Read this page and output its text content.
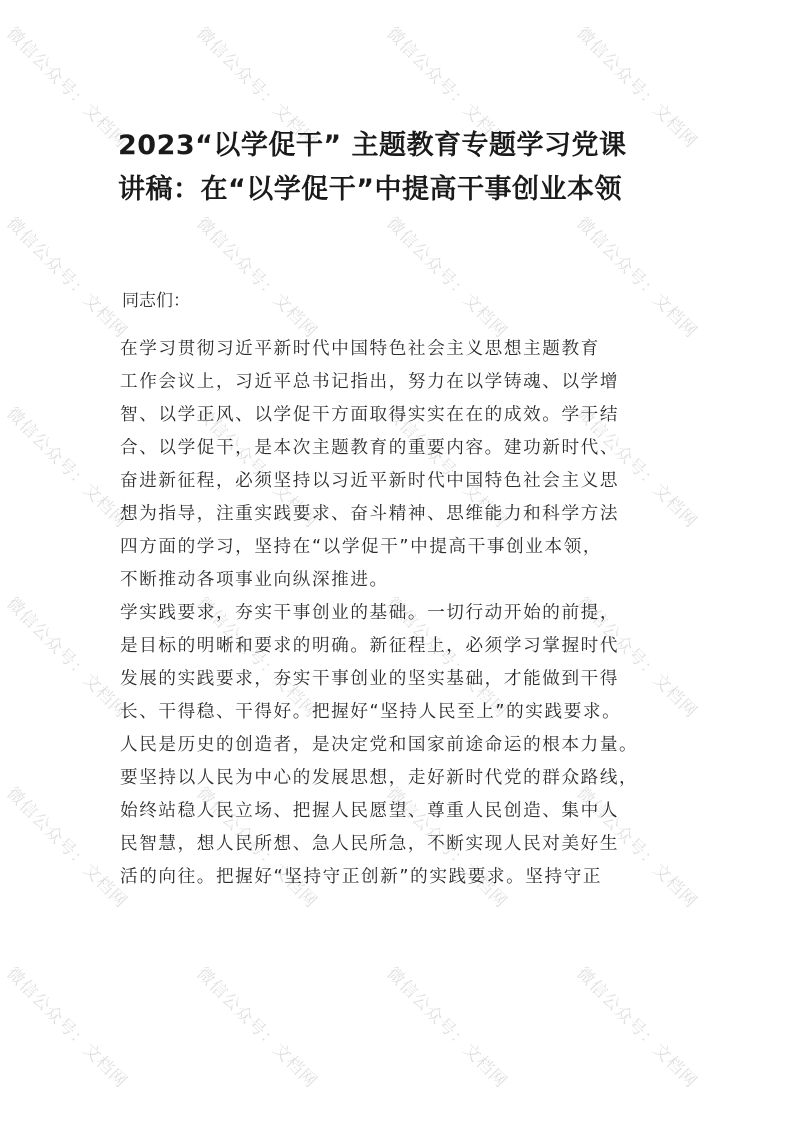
2023“以学促干” 主题教育专题学习党课
讲稿：在“以学促干”中提高干事创业本领
同志们：
在学习贯彻习近平新时代中国特色社会主义思想主题教育
工作会议上，习近平总书记指出，努力在以学铸魂、以学增
智、以学正风、以学促干方面取得实实在在的成效。学干结
合、以学促干，是本次主题教育的重要内容。建功新时代、
奋进新征程，必须坚持以习近平新时代中国特色社会主义思
想为指导，注重实践要求、奋斗精神、思维能力和科学方法
四方面的学习，坚持在“以学促干”中提高干事创业本领，
不断推动各项事业向纵深推进。
学实践要求，夯实干事创业的基础。一切行动开始的前提，
是目标的明晰和要求的明确。新征程上，必须学习掌握时代
发展的实践要求，夯实干事创业的坚实基础，才能做到干得
长、干得稳、干得好。把握好“坚持人民至上”的实践要求。
人民是历史的创造者，是决定党和国家前途命运的根本力量。
要坚持以人民为中心的发展思想，走好新时代党的群众路线，
始终站稳人民立场、把握人民愿望、尊重人民创造、集中人
民智慧，想人民所想、急人民所急，不断实现人民对美好生
活的向往。把握好“坚持守正创新”的实践要求。坚持守正
微信公众号：文档网	微信公众号：文档网	微信公众号：文档网	微信公众号：文档网
微信公众号：文档网	微信公众号：文档网	微信公众号：文档网	微信公众号：文档网
微信公众号：文档网	微信公众号：文档网	微信公众号：文档网	微信公众号：文档网
微信公众号：文档网	微信公众号：文档网	微信公众号：文档网	微信公众号：文档网
微信公众号：文档网	微信公众号：文档网	微信公众号：文档网	微信公众号：文档网
微信公众号：文档网	微信公众号：文档网	微信公众号：文档网	微信公众号：文档网
